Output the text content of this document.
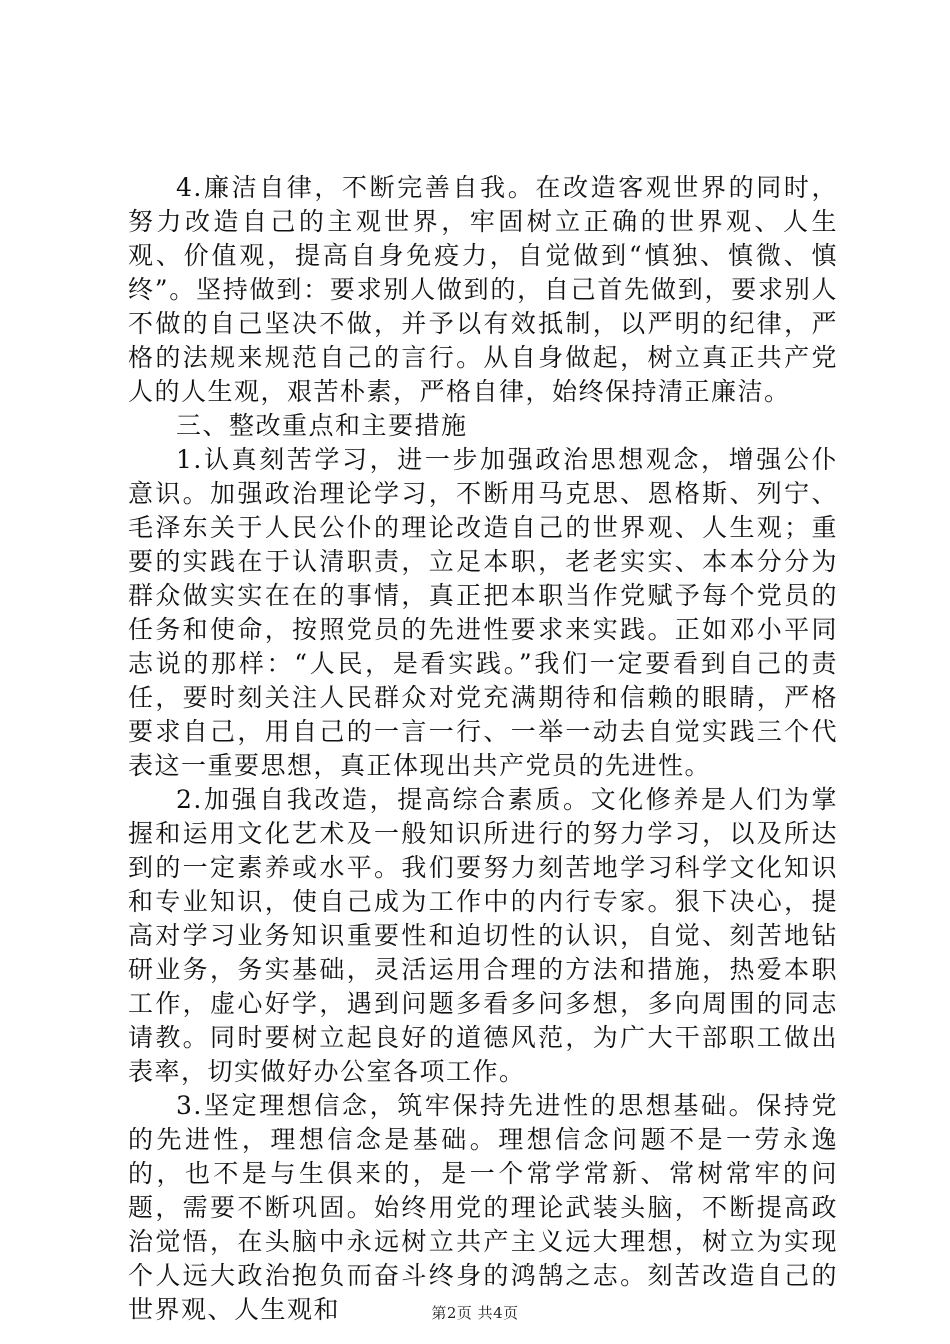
4.廉洁自律，不断完善自我。在改造客观世界的同时，努力改造自己的主观世界，牢固树立正确的世界观、人生观、价值观，提高自身免疫力，自觉做到“慎独、慎微、慎终”。坚持做到：要求别人做到的，自己首先做到，要求别人不做的自己坚决不做，并予以有效抵制，以严明的纪律，严格的法规来规范自己的言行。从自身做起，树立真正共产党人的人生观，艰苦朴素，严格自律，始终保持清正廉洁。

三、整改重点和主要措施

1.认真刻苦学习，进一步加强政治思想观念，增强公仆意识。加强政治理论学习，不断用马克思、恩格斯、列宁、毛泽东关于人民公仆的理论改造自己的世界观、人生观；重要的实践在于认清职责，立足本职，老老实实、本本分分为群众做实实在在的事情，真正把本职当作党赋予每个党员的任务和使命，按照党员的先进性要求来实践。正如邓小平同志说的那样：“人民，是看实践。”我们一定要看到自己的责任，要时刻关注人民群众对党充满期待和信赖的眼睛，严格要求自己，用自己的一言一行、一举一动去自觉实践三个代表这一重要思想，真正体现出共产党员的先进性。

2.加强自我改造，提高综合素质。文化修养是人们为掌握和运用文化艺术及一般知识所进行的努力学习，以及所达到的一定素养或水平。我们要努力刻苦地学习科学文化知识和专业知识，使自己成为工作中的内行专家。狠下决心，提高对学习业务知识重要性和迫切性的认识，自觉、刻苦地钻研业务，务实基础，灵活运用合理的方法和措施，热爱本职工作，虚心好学，遇到问题多看多问多想，多向周围的同志请教。同时要树立起良好的道德风范，为广大干部职工做出表率，切实做好办公室各项工作。

3.坚定理想信念，筑牢保持先进性的思想基础。保持党的先进性，理想信念是基础。理想信念问题不是一劳永逸的，也不是与生俱来的，是一个常学常新、常树常牢的问题，需要不断巩固。始终用党的理论武装头脑，不断提高政治觉悟，在头脑中永远树立共产主义远大理想，树立为实现个人远大政治抱负而奋斗终身的鸿鹄之志。刻苦改造自己的世界观、人生观和	第2页 共4页
